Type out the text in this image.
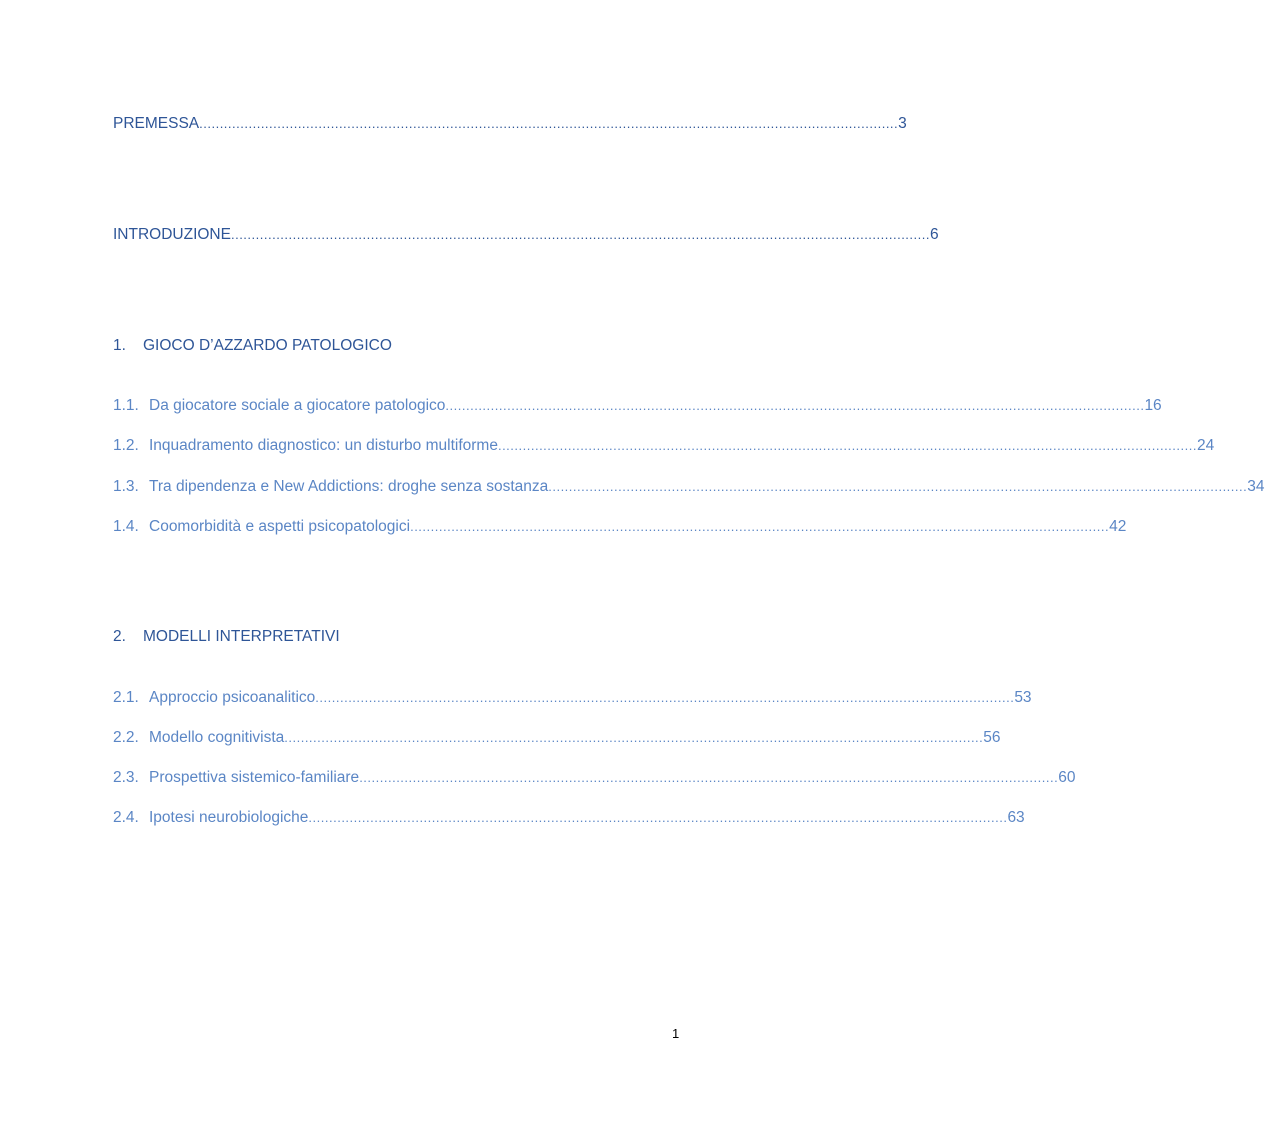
PREMESSA .......................................................................................................................................................................... 3
INTRODUZIONE .......................................................................................................................................................................... 6
1. GIOCO D’AZZARDO PATOLOGICO
1.1. Da giocatore sociale a giocatore patologico .......................................................................................................................................................................... 16
1.2. Inquadramento diagnostico: un disturbo multiforme .......................................................................................................................................................................... 24
1.3. Tra dipendenza e New Addictions: droghe senza sostanza .......................................................................................................................................................................... 34
1.4. Coomorbidità e aspetti psicopatologici .......................................................................................................................................................................... 42
2. MODELLI INTERPRETATIVI
2.1. Approccio psicoanalitico .......................................................................................................................................................................... 53
2.2. Modello cognitivista .......................................................................................................................................................................... 56
2.3. Prospettiva sistemico-familiare .......................................................................................................................................................................... 60
2.4. Ipotesi neurobiologiche .......................................................................................................................................................................... 63
1
